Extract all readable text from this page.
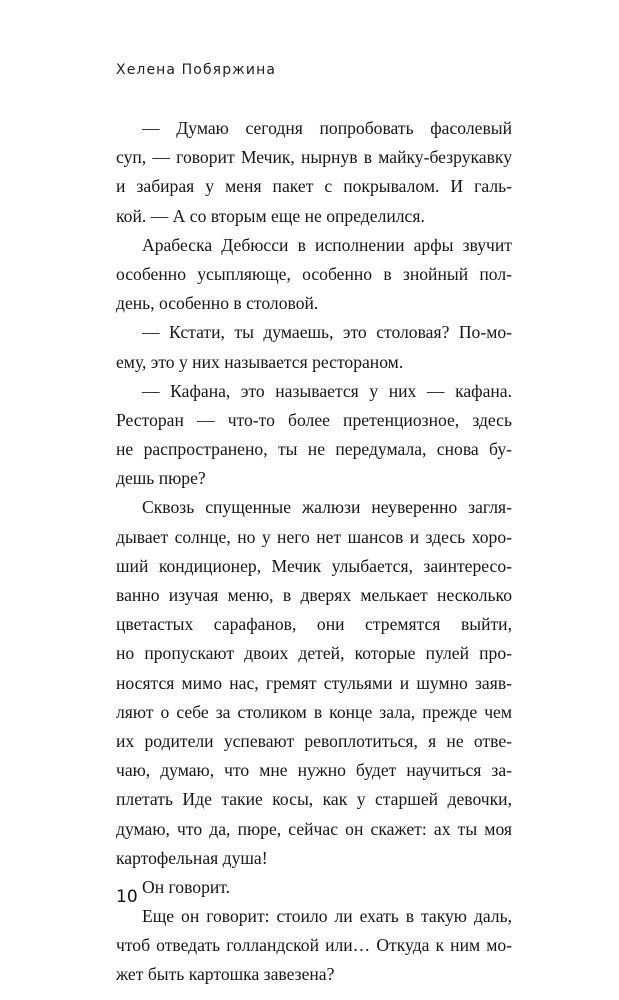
Хелена Побяржина
— Думаю сегодня попробовать фасолевый
суп, — говорит Мечик, нырнув в майку-безрукавку
и забирая у меня пакет с покрывалом. И галь-
кой. — А со вторым еще не определился.
Арабеска Дебюсси в исполнении арфы звучит
особенно усыпляюще, особенно в знойный пол-
день, особенно в столовой.
— Кстати, ты думаешь, это столовая? По-мо-
ему, это у них называется рестораном.
— Кафана, это называется у них — кафана.
Ресторан — что-то более претенциозное, здесь
не распространено, ты не передумала, снова бу-
дешь пюре?
Сквозь спущенные жалюзи неуверенно загля-
дывает солнце, но у него нет шансов и здесь хоро-
ший кондиционер, Мечик улыбается, заинтересо-
ванно изучая меню, в дверях мелькает несколько
цветастых сарафанов, они стремятся выйти,
но пропускают двоих детей, которые пулей про-
носятся мимо нас, гремят стульями и шумно заяв-
ляют о себе за столиком в конце зала, прежде чем
их родители успевают ревоплотиться, я не отве-
чаю, думаю, что мне нужно будет научиться за-
плетать Иде такие косы, как у старшей девочки,
думаю, что да, пюре, сейчас он скажет: ах ты моя
картофельная душа!
Он говорит.
Еще он говорит: стоило ли ехать в такую даль,
чтоб отведать голландской или… Откуда к ним мо-
жет быть картошка завезена?
10
